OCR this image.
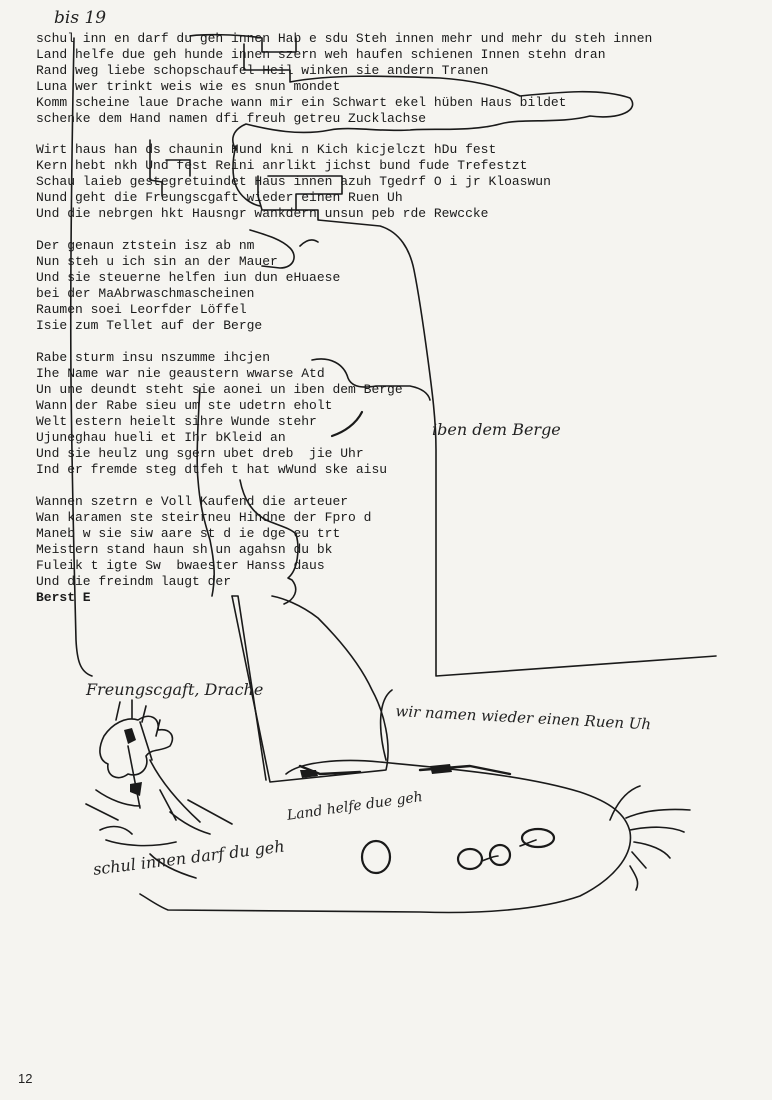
bis 19
schul inn en darf du geh innen Hab e sdu Steh innen mehr und mehr du steh innen
Land helfe due geh hunde innen szern weh haufen schienen Innen stehn dran
Rand weg liebe schopschaufel Heil winken sie andern Tranen
Luna wer trinkt weis wie es snun mondet
Komm scheine laue Drache wann mir ein Schwart ekel hüben Haus bildet
schenke dem Hand namen dfi freuh getreu Zucklachse
Wirt haus han ds chaunin Hund kni n Kich kicjelczt hDu fest
Kern hebt nkh Und fest Reini anrlikt jichst bund fude Trefestzt
Schau laieb gestegretuindet Haus innen azuh Tgedrf O i jr Kloaswun
Nund geht die Freungscgaft wieder einen Ruen Uh
Und die nebrgen hkt Hausngr wankdern unsun peb rde Rewccke
Der genaun ztstein isz ab nm
Nun steh u ich sin an der Mauer
Und sie steuerne helfen iun dun eHuaese
bei der MaAbrwaschmascheinen
Raumen soei Leorfder Löffel
Isie zum Tellet auf der Berge
Rabe sturm insu nszumme ihcjen
Ihe Name war nie geaustern wwarse Atd
Un une deundt steht sie aonei un iben dem Berge
Wann der Rabe sieu um ste udetrn eholt
Welt estern heielt sihre Wunde stehr
Ujuneghau hueli et Ihr bKleid an
Und sie heulz ung sgern ubet dreb  jie Uhr
Ind er fremde steg dtfeh t hat wWund ske aisu
Wannen szetrn e Voll Kaufend die arteuer
Wan karamen ste steirrneu Hihdne der Fpro d
Maneb w sie siw aare st d ie dge eu trt
Meistern stand haun sh un agahsn du bk
Fuleik t igte Sw  bwaester Hanss daus
Und die freindm laugt der
Berst E
iben dem Berge
Freungscgaft, Drache
wir namen wieder einen Ruen Uh
Land helfe due geh
schul innen darf du geh
12
